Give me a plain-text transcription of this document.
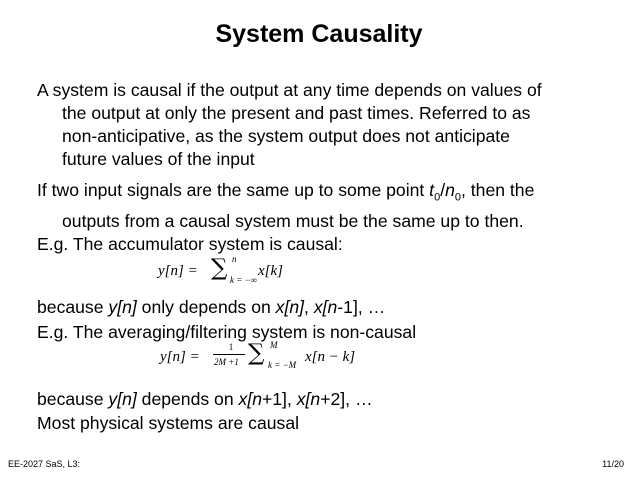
System Causality
A system is causal if the output at any time depends on values of
the output at only the present and past times. Referred to as
non-anticipative, as the system output does not anticipate
future values of the input
If two input signals are the same up to some point $t_0/n_0$, then the
outputs from a causal system must be the same up to then.
E.g. The accumulator system is causal:
y[n] = ∑ n
k = −∞
x[k]
because y[n] only depends on x[n], x[n-1], …
E.g. The averaging/filtering system is non-causal
y[n] =
1
2M +1 ∑ M
k = −M x[n − k]
because y[n] depends on x[n+1], x[n+2], …
Most physical systems are causal
EE-2027 SaS, L3:	11/20
